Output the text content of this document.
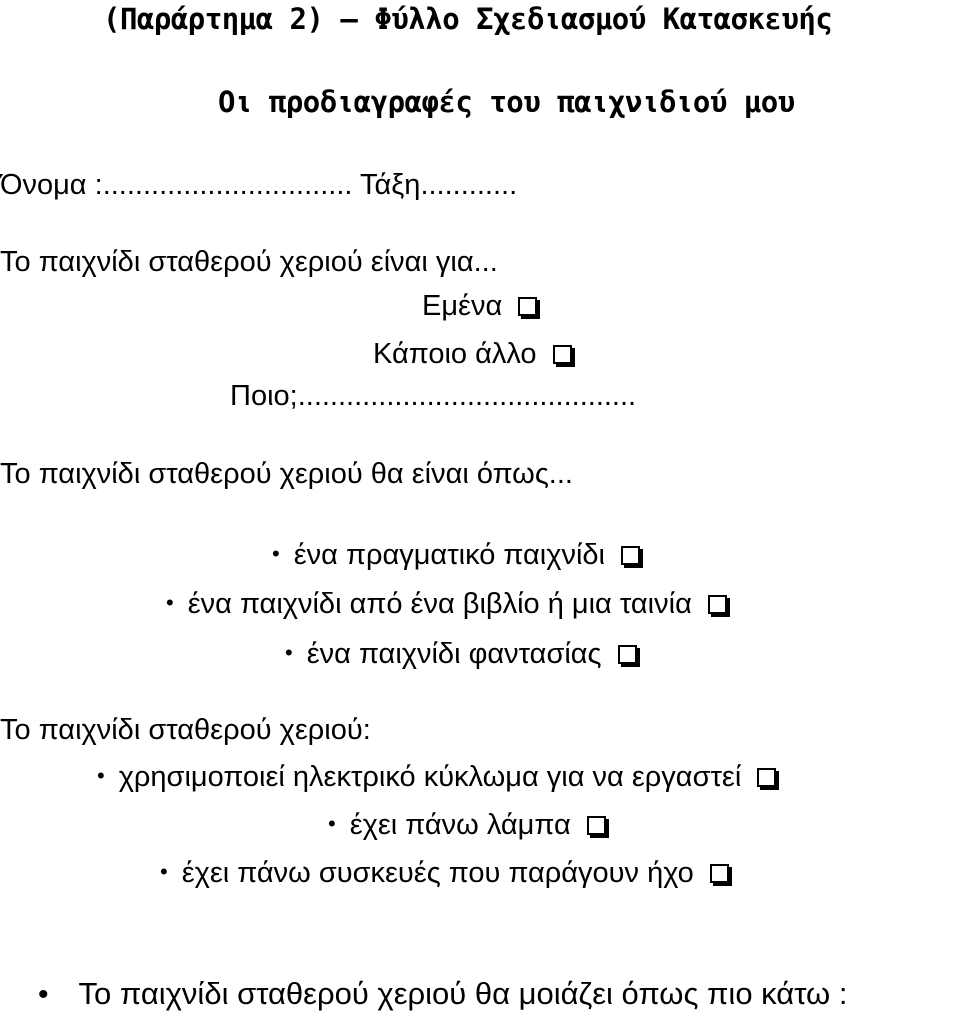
(Παράρτημα 2) – Φύλλο Σχεδιασμού Κατασκευής
Οι προδιαγραφές του παιχνιδιού μου
Όνομα :............................... Τάξη............
Το παιχνίδι σταθερού χεριού είναι για...
Εμένα
Κάποιο άλλο
Ποιο;..........................................
Το παιχνίδι σταθερού χεριού θα είναι όπως...
• ένα πραγματικό παιχνίδι
• ένα παιχνίδι από ένα βιβλίο ή μια ταινία
• ένα παιχνίδι φαντασίας
Το παιχνίδι σταθερού χεριού:
• χρησιμοποιεί ηλεκτρικό κύκλωμα για να εργαστεί
• έχει πάνω λάμπα
• έχει πάνω συσκευές που παράγουν ήχο
• Το παιχνίδι σταθερού χεριού θα μοιάζει όπως πιο κάτω :
